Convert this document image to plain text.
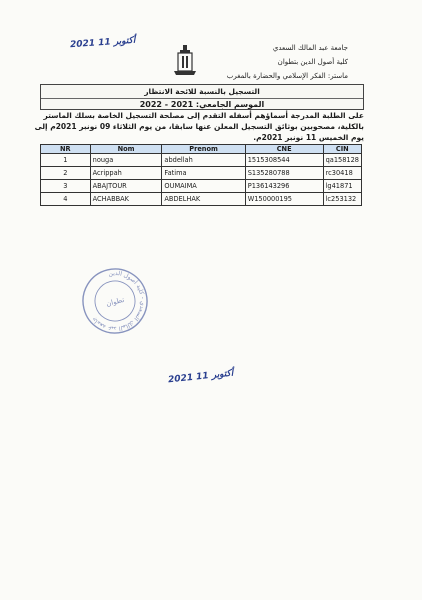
2021 أكتوبر 11
جامعة عبد المالك السعدي
كلية أصول الدين بتطوان
ماستر: الفكر الإسلامي والحضارة بالمغرب
التسجيل بالنسبة للائحة الانتظار
الموسم الجامعي: 2021 - 2022
على الطلبة المدرجة أسماؤهم أسفله التقدم إلى مصلحة التسجيل الخاصة بسلك الماستر بالكلية، مصحوبين بوثائق التسجيل المعلن عنها سابقا، من يوم الثلاثاء 09 نونبر 2021م إلى يوم الخميس 11 نونبر 2021م.
NR	Nom	Prenom	CNE	CIN
1	nouga	abdellah	1515308544	qa158128
2	Acrippah	Fatima	S135280788	rc30418
3	ABAJTOUR	OUMAIMA	P136143296	lg41871
4	ACHABBAK	ABDELHAK	W150000195	lc253132
جامعة عبد المالك السعدي - كلية أصول الدين
تطوان
2021 أكتوبر 11
